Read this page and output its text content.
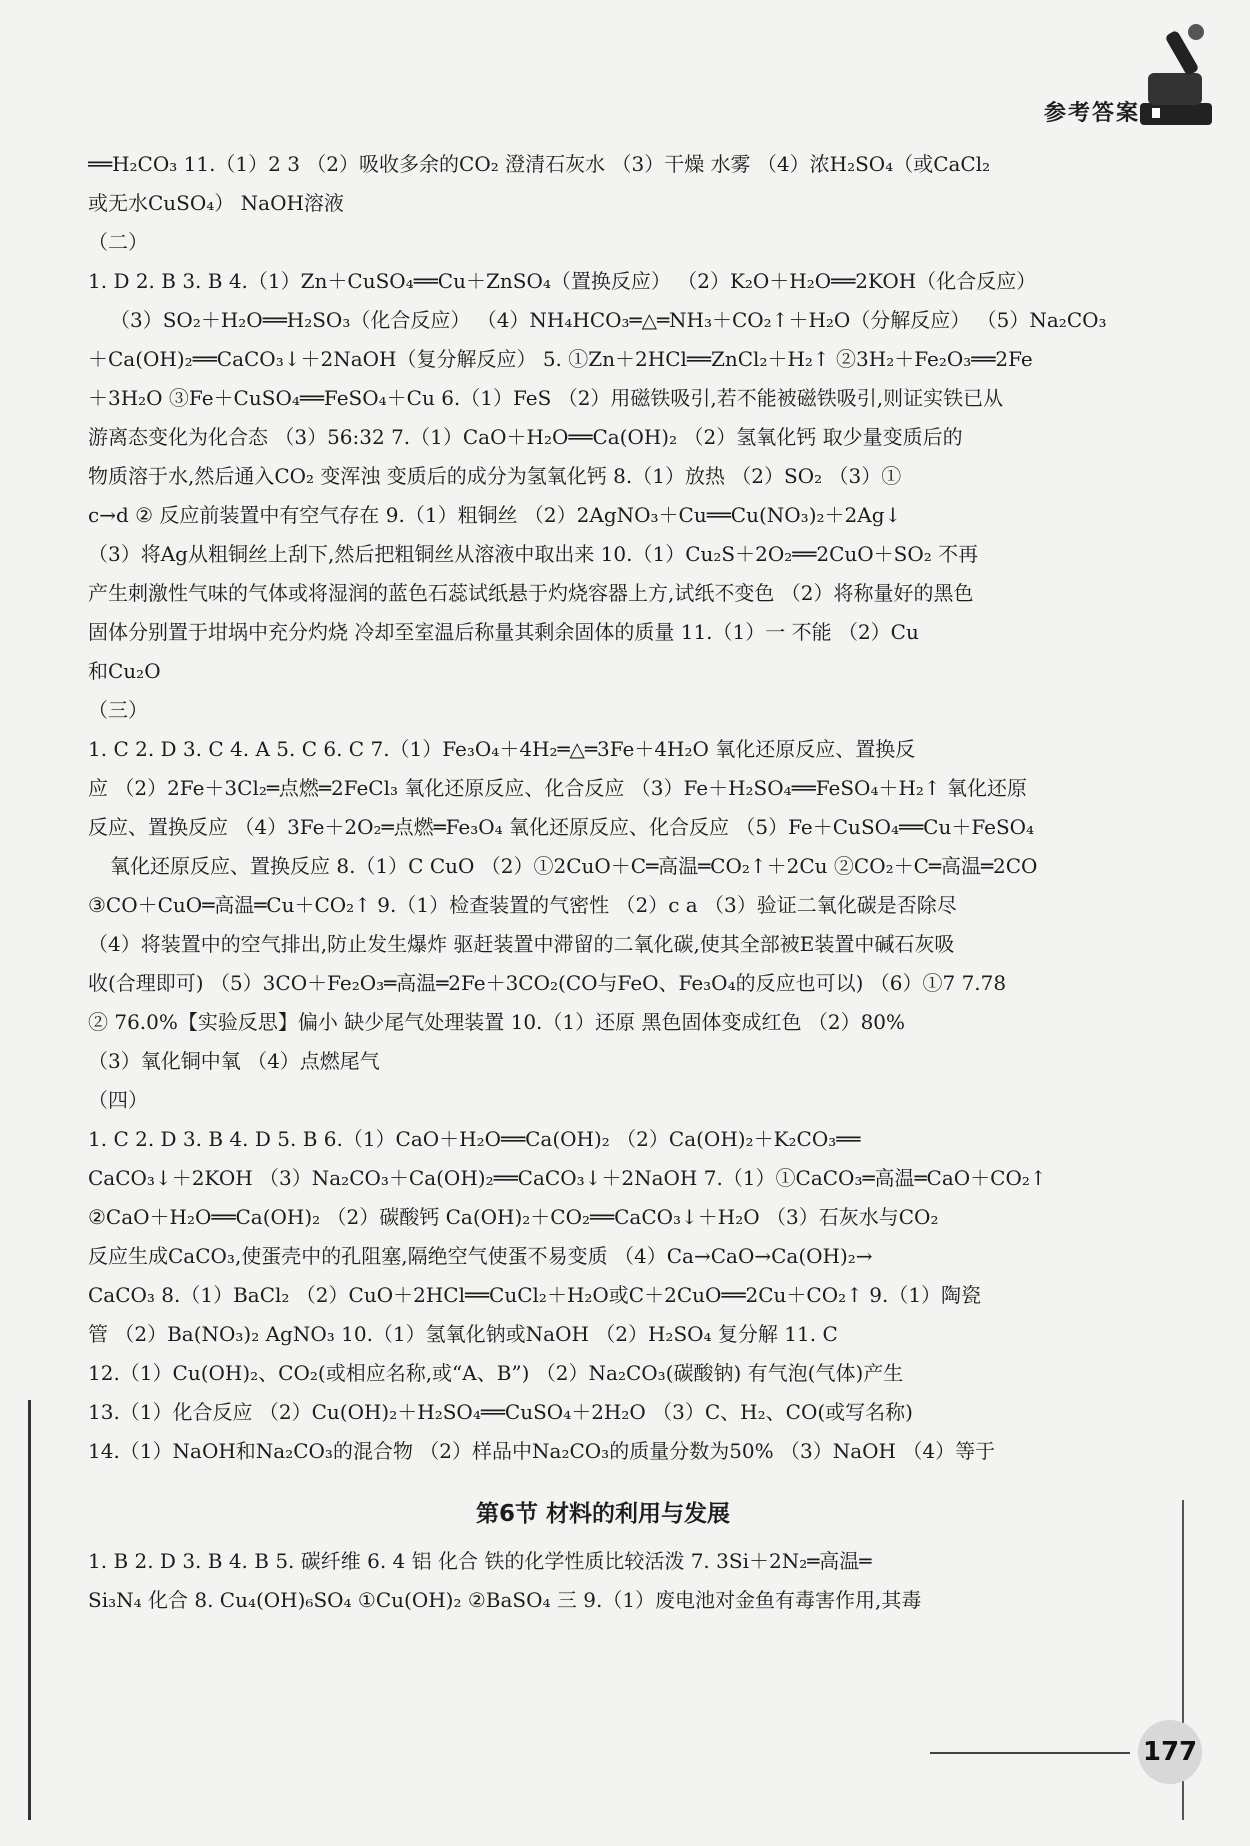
参考答案
══H₂CO₃ 11.（1）2 3 （2）吸收多余的CO₂ 澄清石灰水 （3）干燥 水雾 （4）浓H₂SO₄（或CaCl₂
或无水CuSO₄） NaOH溶液
（二）
1. D 2. B 3. B 4.（1）Zn＋CuSO₄══Cu＋ZnSO₄（置换反应） （2）K₂O＋H₂O══2KOH（化合反应）
（3）SO₂＋H₂O══H₂SO₃（化合反应） （4）NH₄HCO₃═△═NH₃＋CO₂↑＋H₂O（分解反应） （5）Na₂CO₃
＋Ca(OH)₂══CaCO₃↓＋2NaOH（复分解反应） 5. ①Zn＋2HCl══ZnCl₂＋H₂↑ ②3H₂＋Fe₂O₃══2Fe
＋3H₂O ③Fe＋CuSO₄══FeSO₄＋Cu 6.（1）FeS （2）用磁铁吸引,若不能被磁铁吸引,则证实铁已从
游离态变化为化合态 （3）56:32 7.（1）CaO＋H₂O══Ca(OH)₂ （2）氢氧化钙 取少量变质后的
物质溶于水,然后通入CO₂ 变浑浊 变质后的成分为氢氧化钙 8.（1）放热 （2）SO₂ （3）①
c→d ② 反应前装置中有空气存在 9.（1）粗铜丝 （2）2AgNO₃＋Cu══Cu(NO₃)₂＋2Ag↓
（3）将Ag从粗铜丝上刮下,然后把粗铜丝从溶液中取出来 10.（1）Cu₂S＋2O₂══2CuO＋SO₂ 不再
产生刺激性气味的气体或将湿润的蓝色石蕊试纸悬于灼烧容器上方,试纸不变色 （2）将称量好的黑色
固体分别置于坩埚中充分灼烧 冷却至室温后称量其剩余固体的质量 11.（1）一 不能 （2）Cu
和Cu₂O
（三）
1. C 2. D 3. C 4. A 5. C 6. C 7.（1）Fe₃O₄＋4H₂═△═3Fe＋4H₂O 氧化还原反应、置换反
应 （2）2Fe＋3Cl₂═点燃═2FeCl₃ 氧化还原反应、化合反应 （3）Fe＋H₂SO₄══FeSO₄＋H₂↑ 氧化还原
反应、置换反应 （4）3Fe＋2O₂═点燃═Fe₃O₄ 氧化还原反应、化合反应 （5）Fe＋CuSO₄══Cu＋FeSO₄
氧化还原反应、置换反应 8.（1）C CuO （2）①2CuO＋C═高温═CO₂↑＋2Cu ②CO₂＋C═高温═2CO
③CO＋CuO═高温═Cu＋CO₂↑ 9.（1）检查装置的气密性 （2）c a （3）验证二氧化碳是否除尽
（4）将装置中的空气排出,防止发生爆炸 驱赶装置中滞留的二氧化碳,使其全部被E装置中碱石灰吸
收(合理即可) （5）3CO＋Fe₂O₃═高温═2Fe＋3CO₂(CO与FeO、Fe₃O₄的反应也可以) （6）①7 7.78
② 76.0%【实验反思】偏小 缺少尾气处理装置 10.（1）还原 黑色固体变成红色 （2）80%
（3）氧化铜中氧 （4）点燃尾气
（四）
1. C 2. D 3. B 4. D 5. B 6.（1）CaO＋H₂O══Ca(OH)₂ （2）Ca(OH)₂＋K₂CO₃══
CaCO₃↓＋2KOH （3）Na₂CO₃＋Ca(OH)₂══CaCO₃↓＋2NaOH 7.（1）①CaCO₃═高温═CaO＋CO₂↑
②CaO＋H₂O══Ca(OH)₂ （2）碳酸钙 Ca(OH)₂＋CO₂══CaCO₃↓＋H₂O （3）石灰水与CO₂
反应生成CaCO₃,使蛋壳中的孔阻塞,隔绝空气使蛋不易变质 （4）Ca→CaO→Ca(OH)₂→
CaCO₃ 8.（1）BaCl₂ （2）CuO＋2HCl══CuCl₂＋H₂O或C＋2CuO══2Cu＋CO₂↑ 9.（1）陶瓷
管 （2）Ba(NO₃)₂ AgNO₃ 10.（1）氢氧化钠或NaOH （2）H₂SO₄ 复分解 11. C
12.（1）Cu(OH)₂、CO₂(或相应名称,或“A、B”) （2）Na₂CO₃(碳酸钠) 有气泡(气体)产生
13.（1）化合反应 （2）Cu(OH)₂＋H₂SO₄══CuSO₄＋2H₂O （3）C、H₂、CO(或写名称)
14.（1）NaOH和Na₂CO₃的混合物 （2）样品中Na₂CO₃的质量分数为50% （3）NaOH （4）等于
第6节 材料的利用与发展
1. B 2. D 3. B 4. B 5. 碳纤维 6. 4 铝 化合 铁的化学性质比较活泼 7. 3Si＋2N₂═高温═
Si₃N₄ 化合 8. Cu₄(OH)₆SO₄ ①Cu(OH)₂ ②BaSO₄ 三 9.（1）废电池对金鱼有毒害作用,其毒
177
